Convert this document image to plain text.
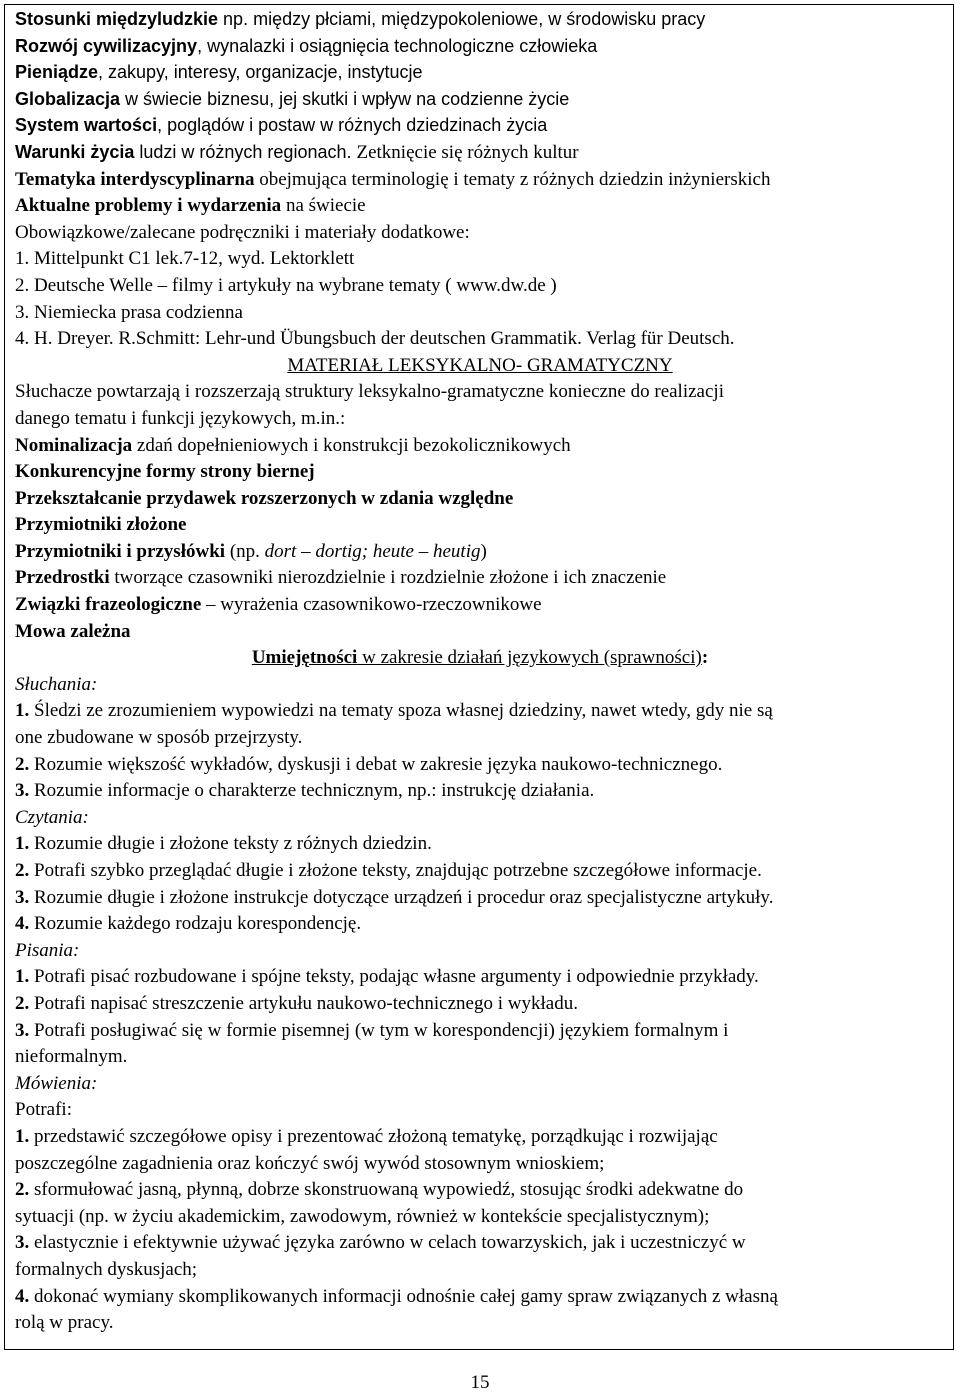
Stosunki międzyludzkie np. między płciami, międzypokoleniowe, w środowisku pracy

Rozwój cywilizacyjny, wynalazki i osiągnięcia technologiczne człowieka

Pieniądze, zakupy, interesy, organizacje, instytucje

Globalizacja w świecie biznesu, jej skutki i wpływ na codzienne życie

System wartości, poglądów i postaw w różnych dziedzinach życia

Warunki życia ludzi w różnych regionach. Zetknięcie się różnych kultur

Tematyka interdyscyplinarna obejmująca terminologię i tematy z różnych dziedzin inżynierskich

Aktualne problemy i wydarzenia na świecie

Obowiązkowe/zalecane podręczniki i materiały dodatkowe:

1. Mittelpunkt C1 lek.7-12, wyd. Lektorklett

2. Deutsche Welle – filmy i artykuły na wybrane tematy ( www.dw.de )

3. Niemiecka prasa codzienna

4. H. Dreyer. R.Schmitt: Lehr-und Übungsbuch der deutschen Grammatik. Verlag für Deutsch.

MATERIAŁ LEKSYKALNO- GRAMATYCZNY

Słuchacze powtarzają i rozszerzają struktury leksykalno-gramatyczne konieczne do realizacji

danego tematu i funkcji językowych, m.in.:

Nominalizacja zdań dopełnieniowych i konstrukcji bezokolicznikowych

Konkurencyjne formy strony biernej

Przekształcanie przydawek rozszerzonych w zdania względne

Przymiotniki złożone

Przymiotniki i przysłówki (np. dort – dortig; heute – heutig)

Przedrostki tworzące czasowniki nierozdzielnie i rozdzielnie złożone i ich znaczenie

Związki frazeologiczne – wyrażenia czasownikowo-rzeczownikowe

Mowa zależna

Umiejętności w zakresie działań językowych (sprawności):

Słuchania:

1. Śledzi ze zrozumieniem wypowiedzi na tematy spoza własnej dziedziny, nawet wtedy, gdy nie są

one zbudowane w sposób przejrzysty.

2. Rozumie większość wykładów, dyskusji i debat w zakresie języka naukowo-technicznego.

3. Rozumie informacje o charakterze technicznym, np.: instrukcję działania.

Czytania:

1. Rozumie długie i złożone teksty z różnych dziedzin.

2. Potrafi szybko przeglądać długie i złożone teksty, znajdując potrzebne szczegółowe informacje.

3. Rozumie długie i złożone instrukcje dotyczące urządzeń i procedur oraz specjalistyczne artykuły.

4. Rozumie każdego rodzaju korespondencję.

Pisania:

1. Potrafi pisać rozbudowane i spójne teksty, podając własne argumenty i odpowiednie przykłady.

2. Potrafi napisać streszczenie artykułu naukowo-technicznego i wykładu.

3. Potrafi posługiwać się w formie pisemnej (w tym w korespondencji) językiem formalnym i

nieformalnym.

Mówienia:

Potrafi:

1. przedstawić szczegółowe opisy i prezentować złożoną tematykę, porządkując i rozwijając

poszczególne zagadnienia oraz kończyć swój wywód stosownym wnioskiem;

2. sformułować jasną, płynną, dobrze skonstruowaną wypowiedź, stosując środki adekwatne do

sytuacji (np. w życiu akademickim, zawodowym, również w kontekście specjalistycznym);

3. elastycznie i efektywnie używać języka zarówno w celach towarzyskich, jak i uczestniczyć w

formalnych dyskusjach;

4. dokonać wymiany skomplikowanych informacji odnośnie całej gamy spraw związanych z własną

rolą w pracy.

15
